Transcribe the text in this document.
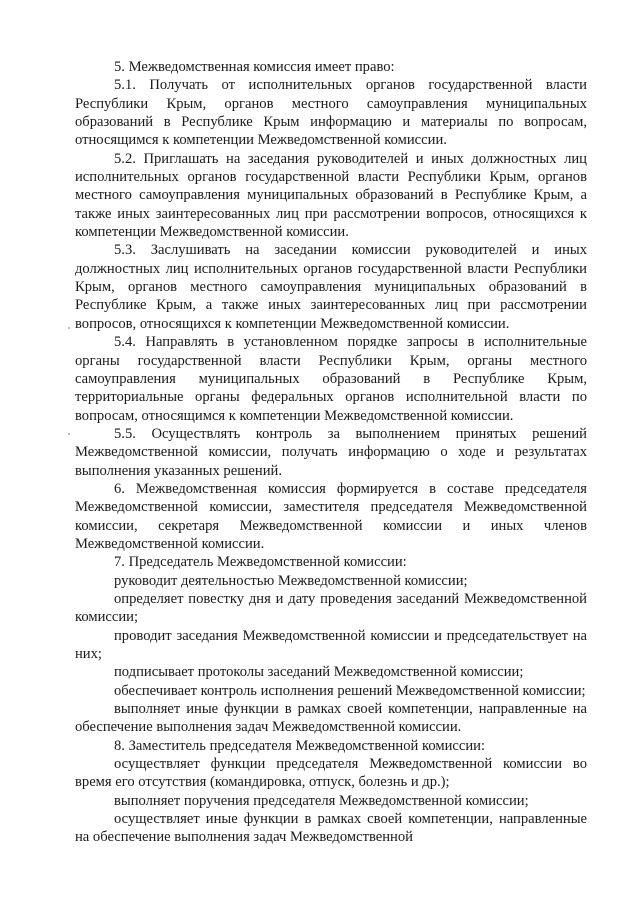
5. Межведомственная комиссия имеет право:

5.1. Получать от исполнительных органов государственной власти Республики Крым, органов местного самоуправления муниципальных образований в Республике Крым информацию и материалы по вопросам, относящимся к компетенции Межведомственной комиссии.

5.2. Приглашать на заседания руководителей и иных должностных лиц исполнительных органов государственной власти Республики Крым, органов местного самоуправления муниципальных образований в Республике Крым, а также иных заинтересованных лиц при рассмотрении вопросов, относящихся к компетенции Межведомственной комиссии.

5.3. Заслушивать на заседании комиссии руководителей и иных должностных лиц исполнительных органов государственной власти Республики Крым, органов местного самоуправления муниципальных образований в Республике Крым, а также иных заинтересованных лиц при рассмотрении вопросов, относящихся к компетенции Межведомственной комиссии.

5.4. Направлять в установленном порядке запросы в исполнительные органы государственной власти Республики Крым, органы местного самоуправления муниципальных образований в Республике Крым, территориальные органы федеральных органов исполнительной власти по вопросам, относящимся к компетенции Межведомственной комиссии.

5.5. Осуществлять контроль за выполнением принятых решений Межведомственной комиссии, получать информацию о ходе и результатах выполнения указанных решений.

6. Межведомственная комиссия формируется в составе председателя Межведомственной комиссии, заместителя председателя Межведомственной комиссии, секретаря Межведомственной комиссии и иных членов Межведомственной комиссии.

7. Председатель Межведомственной комиссии:

руководит деятельностью Межведомственной комиссии;

определяет повестку дня и дату проведения заседаний Межведомственной комиссии;

проводит заседания Межведомственной комиссии и председательствует на них;

подписывает протоколы заседаний Межведомственной комиссии;

обеспечивает контроль исполнения решений Межведомственной комиссии;

выполняет иные функции в рамках своей компетенции, направленные на обеспечение выполнения задач Межведомственной комиссии.

8. Заместитель председателя Межведомственной комиссии:

осуществляет функции председателя Межведомственной комиссии во время его отсутствия (командировка, отпуск, болезнь и др.);

выполняет поручения председателя Межведомственной комиссии;

осуществляет иные функции в рамках своей компетенции, направленные на обеспечение выполнения задач Межведомственной
